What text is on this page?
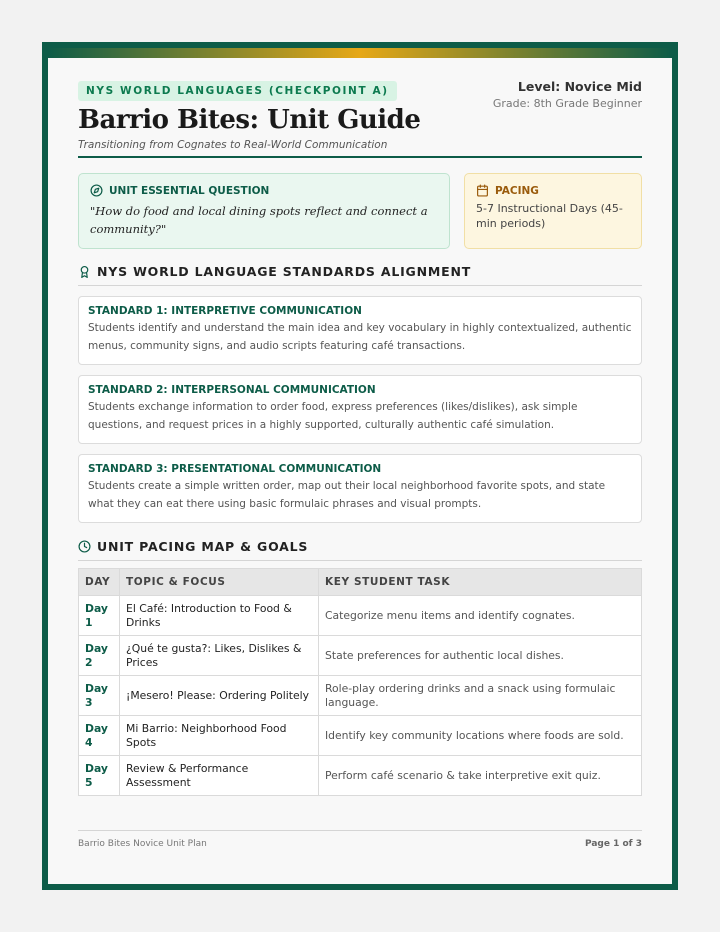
NYS WORLD LANGUAGES (CHECKPOINT A)
Barrio Bites: Unit Guide
Transitioning from Cognates to Real-World Communication
Level: Novice Mid
Grade: 8th Grade Beginner
UNIT ESSENTIAL QUESTION
"How do food and local dining spots reflect and connect a community?"
PACING
5-7 Instructional Days (45-min periods)
NYS WORLD LANGUAGE STANDARDS ALIGNMENT
STANDARD 1: INTERPRETIVE COMMUNICATION
Students identify and understand the main idea and key vocabulary in highly contextualized, authentic menus, community signs, and audio scripts featuring café transactions.
STANDARD 2: INTERPERSONAL COMMUNICATION
Students exchange information to order food, express preferences (likes/dislikes), ask simple questions, and request prices in a highly supported, culturally authentic café simulation.
STANDARD 3: PRESENTATIONAL COMMUNICATION
Students create a simple written order, map out their local neighborhood favorite spots, and state what they can eat there using basic formulaic phrases and visual prompts.
UNIT PACING MAP & GOALS
DAY	TOPIC & FOCUS	KEY STUDENT TASK
Day 1	El Café: Introduction to Food & Drinks	Categorize menu items and identify cognates.
Day 2	¿Qué te gusta?: Likes, Dislikes & Prices	State preferences for authentic local dishes.
Day 3	¡Mesero! Please: Ordering Politely	Role-play ordering drinks and a snack using formulaic language.
Day 4	Mi Barrio: Neighborhood Food Spots	Identify key community locations where foods are sold.
Day 5	Review & Performance Assessment	Perform café scenario & take interpretive exit quiz.
Barrio Bites Novice Unit Plan	Page 1 of 3
